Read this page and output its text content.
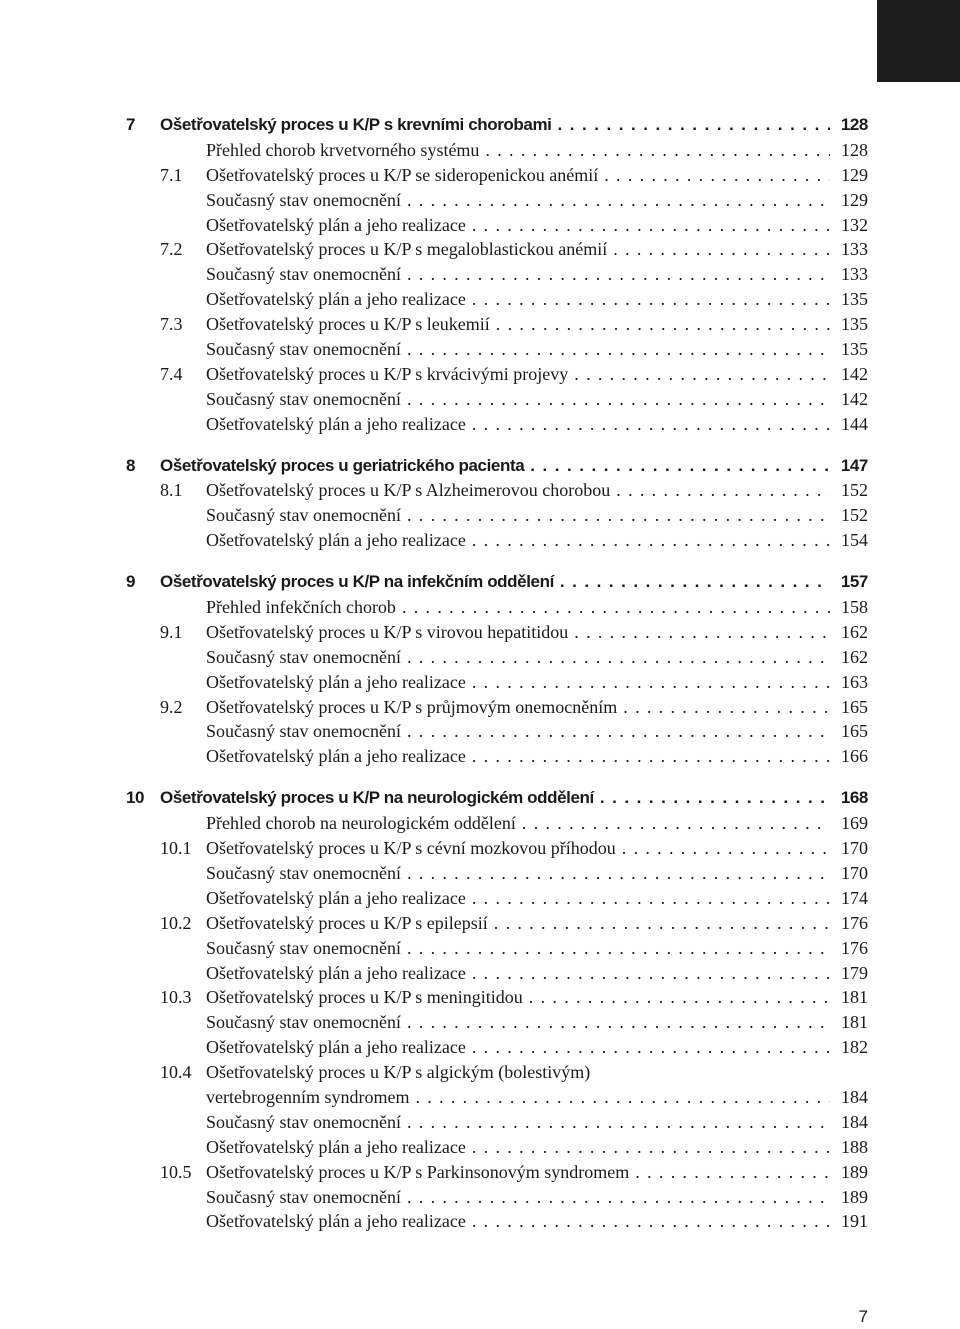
7	Ošetřovatelský proces u K/P s krevními chorobami . . .	128
Přehled chorob krvetvorného systému . . .	128
7.1	Ošetřovatelský proces u K/P se sideropenickou anémií . . .	129
Současný stav onemocnění . . .	129
Ošetřovatelský plán a jeho realizace . . .	132
7.2	Ošetřovatelský proces u K/P s megaloblastickou anémií . . .	133
Současný stav onemocnění . . .	133
Ošetřovatelský plán a jeho realizace . . .	135
7.3	Ošetřovatelský proces u K/P s leukemií . . .	135
Současný stav onemocnění . . .	135
7.4	Ošetřovatelský proces u K/P s krvácivými projevy . . .	142
Současný stav onemocnění . . .	142
Ošetřovatelský plán a jeho realizace . . .	144
8	Ošetřovatelský proces u geriatrického pacienta . . .	147
8.1	Ošetřovatelský proces u K/P s Alzheimerovou chorobou . . .	152
Současný stav onemocnění . . .	152
Ošetřovatelský plán a jeho realizace . . .	154
9	Ošetřovatelský proces u K/P na infekčním oddělení . . .	157
Přehled infekčních chorob . . .	158
9.1	Ošetřovatelský proces u K/P s virovou hepatitidou . . .	162
Současný stav onemocnění . . .	162
Ošetřovatelský plán a jeho realizace . . .	163
9.2	Ošetřovatelský proces u K/P s průjmovým onemocněním . . .	165
Současný stav onemocnění . . .	165
Ošetřovatelský plán a jeho realizace . . .	166
10 Ošetřovatelský proces u K/P na neurologickém oddělení . . .	168
Přehled chorob na neurologickém oddělení . . .	169
10.1 Ošetřovatelský proces u K/P s cévní mozkovou příhodou . . .	170
Současný stav onemocnění . . .	170
Ošetřovatelský plán a jeho realizace . . .	174
10.2 Ošetřovatelský proces u K/P s epilepsií . . .	176
Současný stav onemocnění . . .	176
Ošetřovatelský plán a jeho realizace . . .	179
10.3 Ošetřovatelský proces u K/P s meningitidou . . .	181
Současný stav onemocnění . . .	181
Ošetřovatelský plán a jeho realizace . . .	182
10.4 Ošetřovatelský proces u K/P s algickým (bolestivým)
vertebrogenním syndromem . . .	184
Současný stav onemocnění . . .	184
Ošetřovatelský plán a jeho realizace . . .	188
10.5 Ošetřovatelský proces u K/P s Parkinsonovým syndromem . . .	189
Současný stav onemocnění . . .	189
Ošetřovatelský plán a jeho realizace . . .	191
7
